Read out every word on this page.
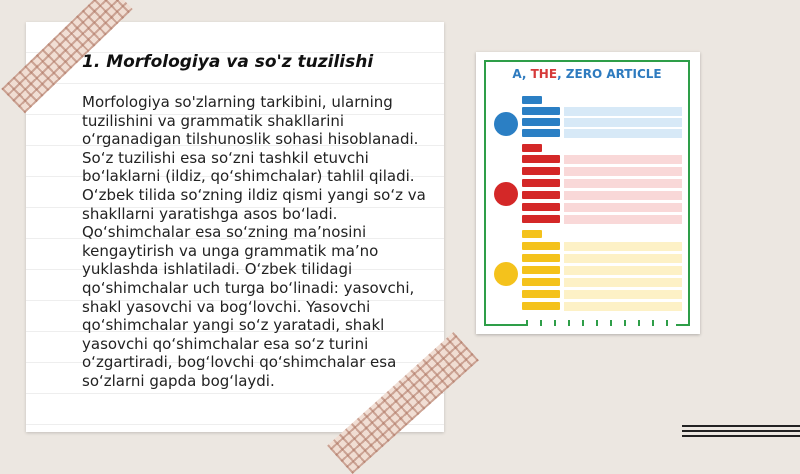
1. Morfologiya va so'z tuzilishi

Morfologiya so'zlarning tarkibini, ularning tuzilishini va grammatik shakllarini o‘rganadigan tilshunoslik sohasi hisoblanadi. So‘z tuzilishi esa so‘zni tashkil etuvchi bo‘laklarni (ildiz, qo‘shimchalar) tahlil qiladi. O‘zbek tilida so‘zning ildiz qismi yangi so‘z va shakllarni yaratishga asos bo‘ladi. Qo‘shimchalar esa so‘zning ma’nosini kengaytirish va unga grammatik ma’no yuklashda ishlatiladi. O‘zbek tilidagi qo‘shimchalar uch turga bo‘linadi: yasovchi, shakl yasovchi va bog‘lovchi. Yasovchi qo‘shimchalar yangi so‘z yaratadi, shakl yasovchi qo‘shimchalar esa so‘z turini o‘zgartiradi, bog‘lovchi qo‘shimchalar esa so‘zlarni gapda bog‘laydi.

A, THE, ZERO ARTICLE
